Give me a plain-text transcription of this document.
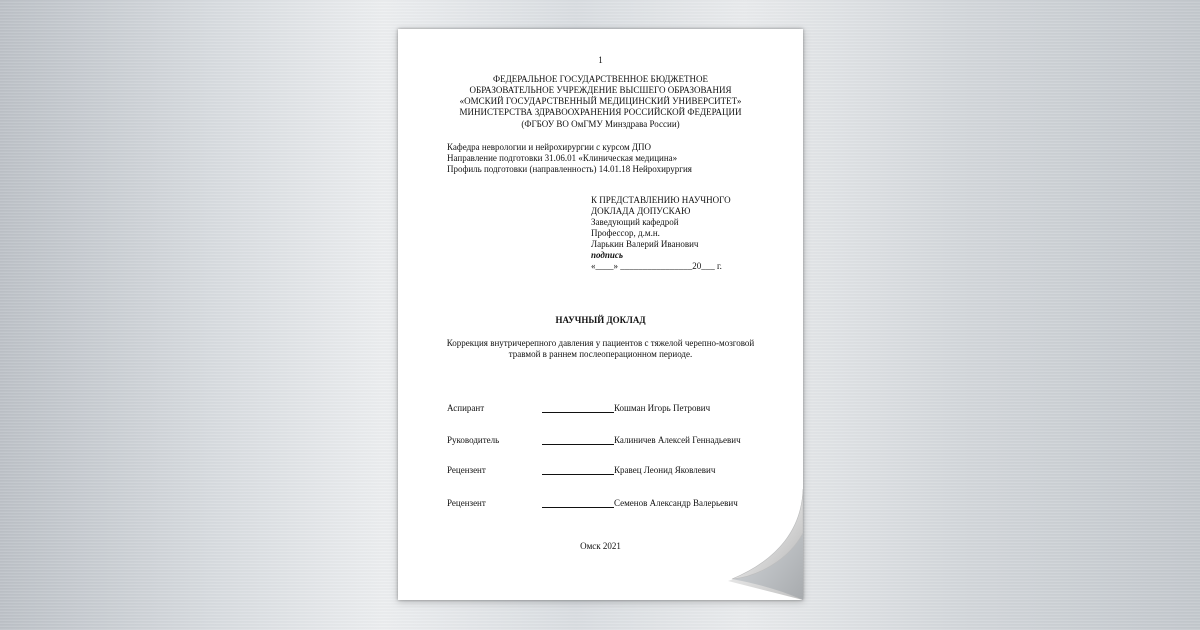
1
ФЕДЕРАЛЬНОЕ ГОСУДАРСТВЕННОЕ БЮДЖЕТНОЕ
ОБРАЗОВАТЕЛЬНОЕ УЧРЕЖДЕНИЕ ВЫСШЕГО ОБРАЗОВАНИЯ
«ОМСКИЙ ГОСУДАРСТВЕННЫЙ МЕДИЦИНСКИЙ УНИВЕРСИТЕТ»
МИНИСТЕРСТВА ЗДРАВООХРАНЕНИЯ РОССИЙСКОЙ ФЕДЕРАЦИИ
(ФГБОУ ВО ОмГМУ Минздрава России)
Кафедра неврологии и нейрохирургии с курсом ДПО
Направление подготовки 31.06.01 «Клиническая медицина»
Профиль подготовки (направленность) 14.01.18 Нейрохирургия
К ПРЕДСТАВЛЕНИЮ НАУЧНОГО
ДОКЛАДА ДОПУСКАЮ
Заведующий кафедрой
Профессор, д.м.н.
Ларькин Валерий Иванович
подпись
«____» ________________20___ г.
НАУЧНЫЙ ДОКЛАД
Коррекция внутричерепного давления у пациентов с тяжелой черепно-мозговой
травмой в раннем послеоперационном периоде.
Аспирант	Кошман Игорь Петрович
Руководитель	Калиничев Алексей Геннадьевич
Рецензент	Кравец Леонид Яковлевич
Рецензент	Семенов Александр Валерьевич
Омск 2021
